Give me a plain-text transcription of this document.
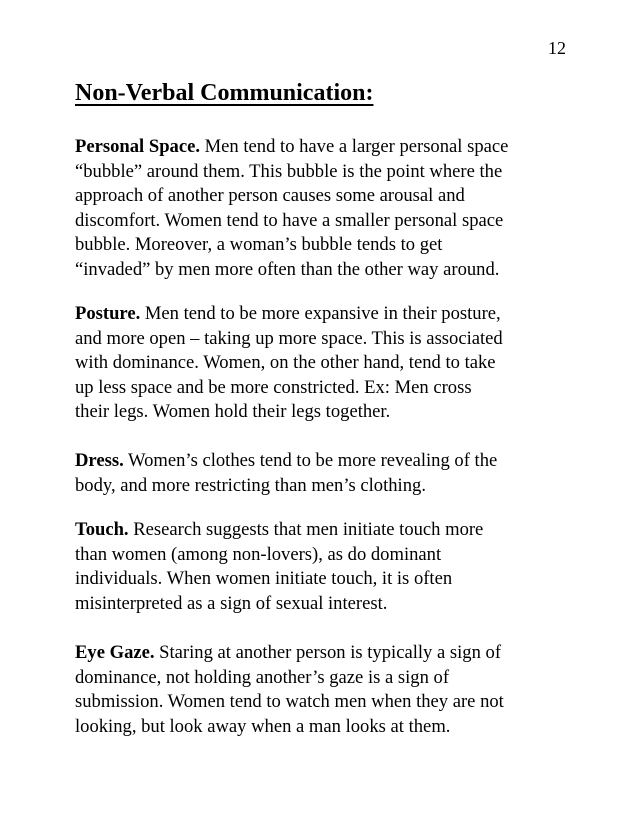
12
Non-Verbal Communication:
Personal Space. Men tend to have a larger personal space
“bubble” around them. This bubble is the point where the
approach of another person causes some arousal and
discomfort. Women tend to have a smaller personal space
bubble. Moreover, a woman’s bubble tends to get
“invaded” by men more often than the other way around.
Posture. Men tend to be more expansive in their posture,
and more open – taking up more space. This is associated
with dominance. Women, on the other hand, tend to take
up less space and be more constricted. Ex: Men cross
their legs. Women hold their legs together.
Dress. Women’s clothes tend to be more revealing of the
body, and more restricting than men’s clothing.
Touch. Research suggests that men initiate touch more
than women (among non-lovers), as do dominant
individuals. When women initiate touch, it is often
misinterpreted as a sign of sexual interest.
Eye Gaze. Staring at another person is typically a sign of
dominance, not holding another’s gaze is a sign of
submission. Women tend to watch men when they are not
looking, but look away when a man looks at them.
